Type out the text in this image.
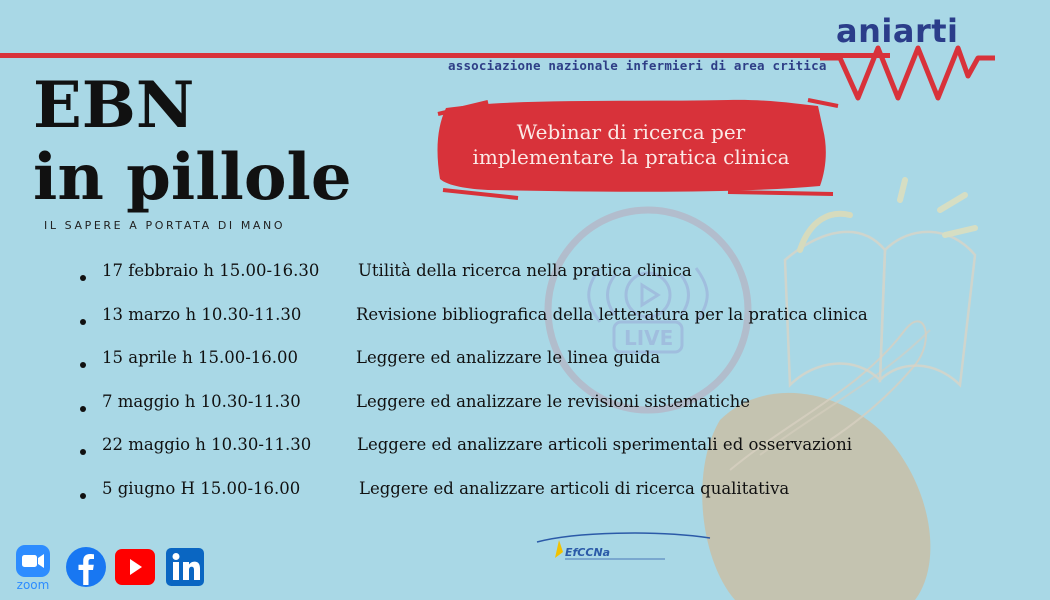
LIVE
aniarti
associazione nazionale infermieri di area critica
EBN
in pillole
IL SAPERE A PORTATA DI MANO
Webinar di ricerca per
implementare la pratica clinica
17 febbraio h 15.00-16.30 Utilità della ricerca nella pratica clinica
13 marzo h 10.30-11.30	Revisione bibliografica della letteratura per la pratica clinica
15 aprile h 15.00-16.00	Leggere ed analizzare le linea guida
7 maggio h 10.30-11.30	Leggere ed analizzare le revisioni sistematiche
22 maggio h 10.30-11.30	Leggere ed analizzare articoli sperimentali ed osservazioni
5 giugno H 15.00-16.00	Leggere ed analizzare articoli di ricerca qualitativa
zoom
EfCCNa
